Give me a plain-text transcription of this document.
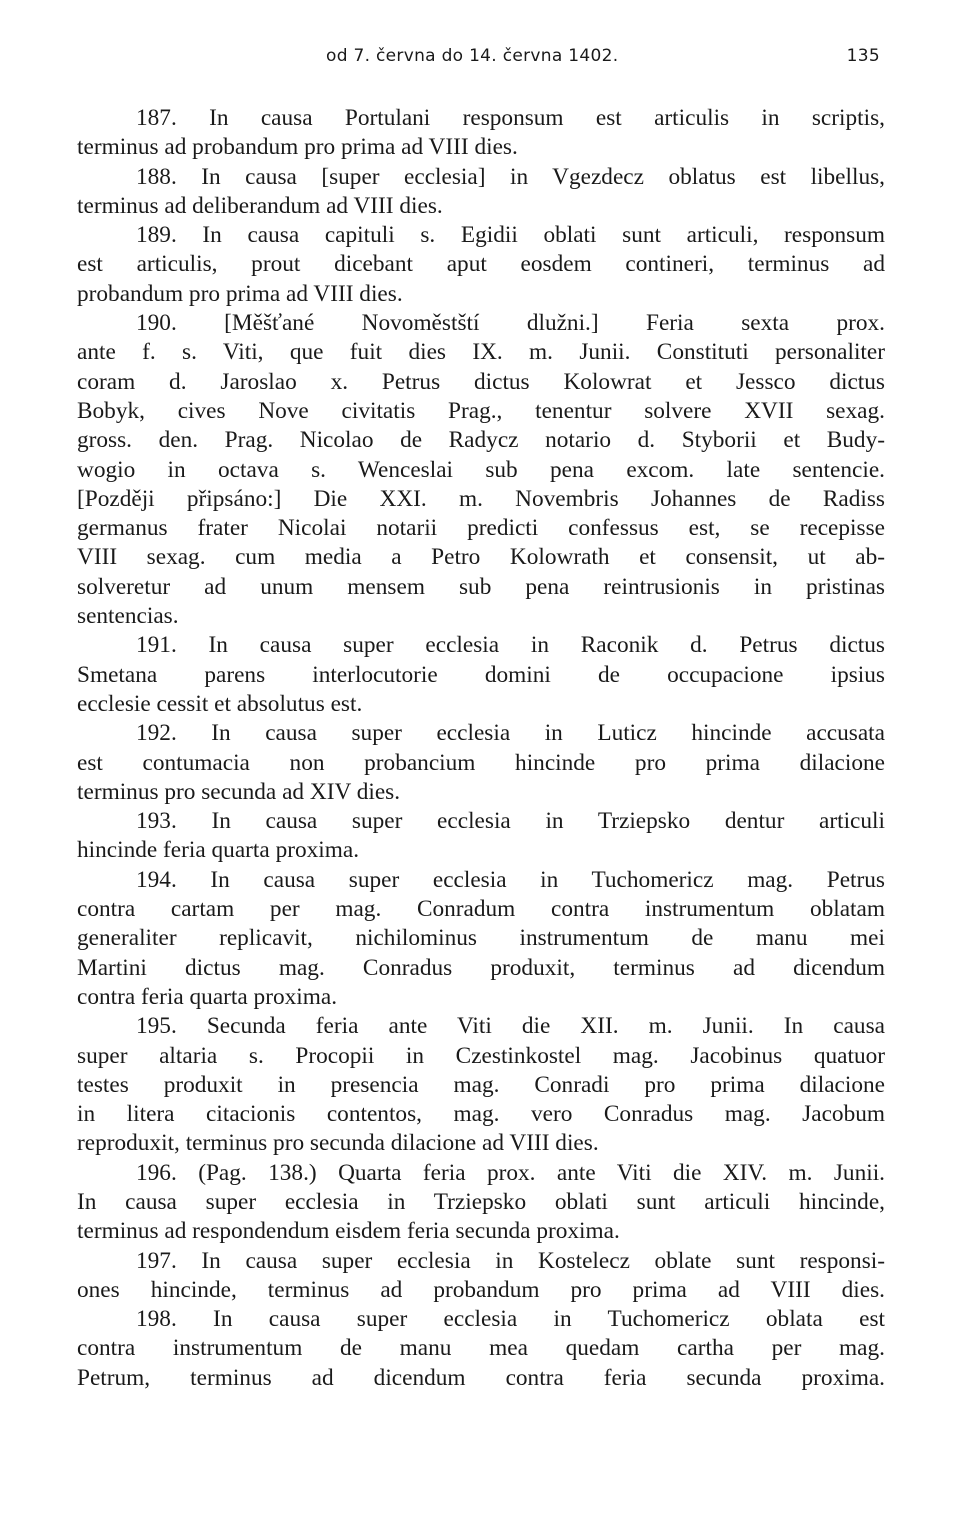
od 7. června do 14. června 1402.	135
187. In causa Portulani responsum est articulis in scriptis,
terminus ad probandum pro prima ad VIII dies.
188. In causa [super ecclesia] in Vgezdecz oblatus est libellus,
terminus ad deliberandum ad VIII dies.
189. In causa capituli s. Egidii oblati sunt articuli, responsum
est articulis, prout dicebant aput eosdem contineri, terminus ad
probandum pro prima ad VIII dies.
190. [Měšťané Novoměstští dlužni.] Feria sexta prox.
ante f. s. Viti, que fuit dies IX. m. Junii. Constituti personaliter
coram d. Jaroslao x. Petrus dictus Kolowrat et Jessco dictus
Bobyk, cives Nove civitatis Prag., tenentur solvere XVII sexag.
gross. den. Prag. Nicolao de Radycz notario d. Styborii et Budy-
wogio in octava s. Wenceslai sub pena excom. late sentencie.
[Později připsáno:] Die XXI. m. Novembris Johannes de Radiss
germanus frater Nicolai notarii predicti confessus est, se recepisse
VIII sexag. cum media a Petro Kolowrath et consensit, ut ab-
solveretur ad unum mensem sub pena reintrusionis in pristinas
sentencias.
191. In causa super ecclesia in Raconik d. Petrus dictus
Smetana parens interlocutorie domini de occupacione ipsius
ecclesie cessit et absolutus est.
192. In causa super ecclesia in Luticz hincinde accusata
est contumacia non probancium hincinde pro prima dilacione
terminus pro secunda ad XIV dies.
193. In causa super ecclesia in Trziepsko dentur articuli
hincinde feria quarta proxima.
194. In causa super ecclesia in Tuchomericz mag. Petrus
contra cartam per mag. Conradum contra instrumentum oblatam
generaliter replicavit, nichilominus instrumentum de manu mei
Martini dictus mag. Conradus produxit, terminus ad dicendum
contra feria quarta proxima.
195. Secunda feria ante Viti die XII. m. Junii. In causa
super altaria s. Procopii in Czestinkostel mag. Jacobinus quatuor
testes produxit in presencia mag. Conradi pro prima dilacione
in litera citacionis contentos, mag. vero Conradus mag. Jacobum
reproduxit, terminus pro secunda dilacione ad VIII dies.
196. (Pag. 138.) Quarta feria prox. ante Viti die XIV. m. Junii.
In causa super ecclesia in Trziepsko oblati sunt articuli hincinde,
terminus ad respondendum eisdem feria secunda proxima.
197. In causa super ecclesia in Kostelecz oblate sunt responsi-
ones hincinde, terminus ad probandum pro prima ad VIII dies.
198. In causa super ecclesia in Tuchomericz oblata est
contra instrumentum de manu mea quedam cartha per mag.
Petrum, terminus ad dicendum contra feria secunda proxima.
